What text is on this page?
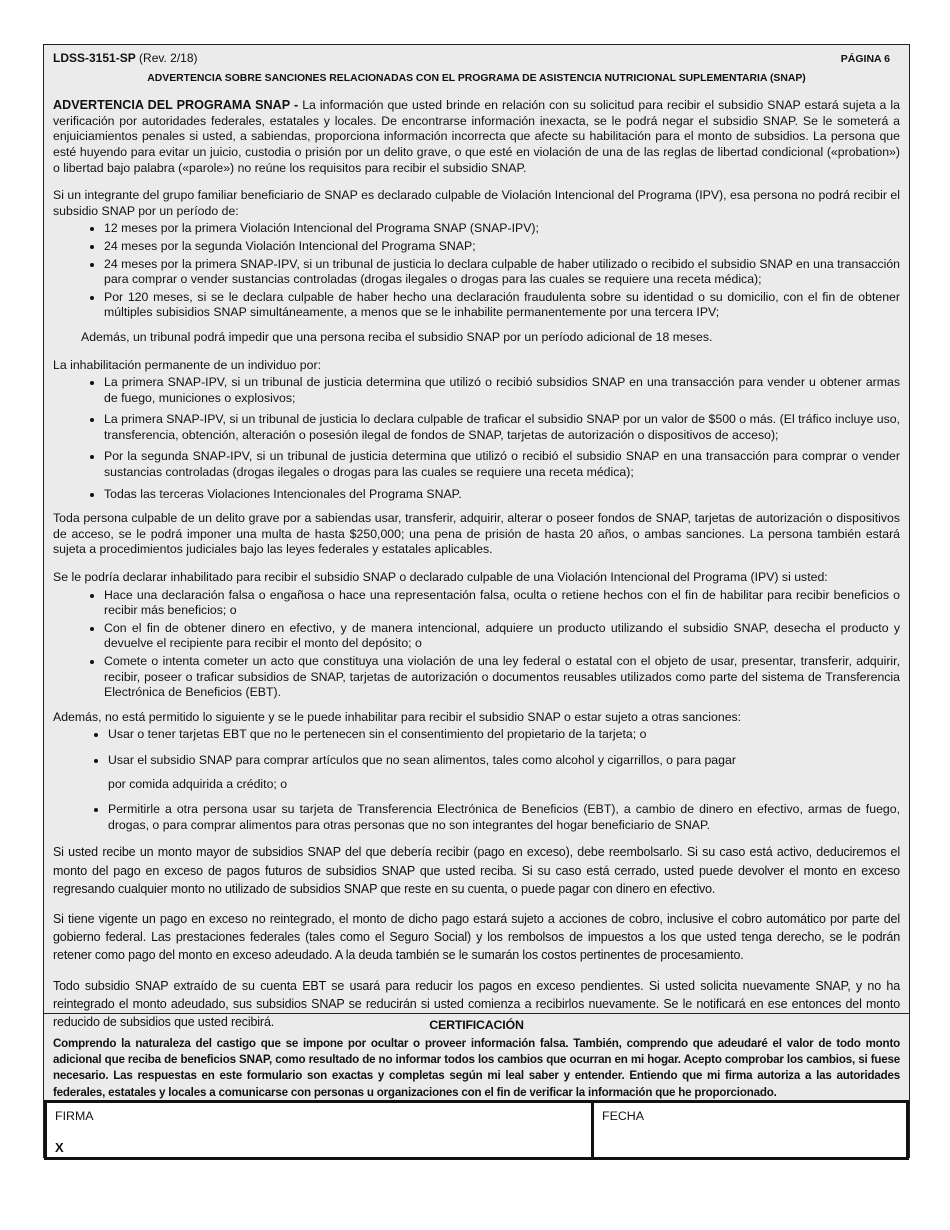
LDSS-3151-SP (Rev. 2/18)	PÁGINA 6
ADVERTENCIA SOBRE SANCIONES RELACIONADAS CON EL PROGRAMA DE ASISTENCIA NUTRICIONAL SUPLEMENTARIA (SNAP)

ADVERTENCIA DEL PROGRAMA SNAP - La información que usted brinde en relación con su solicitud para recibir el subsidio SNAP estará sujeta a la verificación por autoridades federales, estatales y locales. De encontrarse información inexacta, se le podrá negar el subsidio SNAP. Se le someterá a enjuiciamientos penales si usted, a sabiendas, proporciona información incorrecta que afecte su habilitación para el monto de subsidios. La persona que esté huyendo para evitar un juicio, custodia o prisión por un delito grave, o que esté en violación de una de las reglas de libertad condicional («probation») o libertad bajo palabra («parole») no reúne los requisitos para recibir el subsidio SNAP.

Si un integrante del grupo familiar beneficiario de SNAP es declarado culpable de Violación Intencional del Programa (IPV), esa persona no podrá recibir el subsidio SNAP por un período de:
• 12 meses por la primera Violación Intencional del Programa SNAP (SNAP-IPV);
• 24 meses por la segunda Violación Intencional del Programa SNAP;
• 24 meses por la primera SNAP-IPV, si un tribunal de justicia lo declara culpable de haber utilizado o recibido el subsidio SNAP en una transacción para comprar o vender sustancias controladas (drogas ilegales o drogas para las cuales se requiere una receta médica);
• Por 120 meses, si se le declara culpable de haber hecho una declaración fraudulenta sobre su identidad o su domicilio, con el fin de obtener múltiples subisidios SNAP simultáneamente, a menos que se le inhabilite permanentemente por una tercera IPV;

Además, un tribunal podrá impedir que una persona reciba el subsidio SNAP por un período adicional de 18 meses.

La inhabilitación permanente de un individuo por:
• La primera SNAP-IPV, si un tribunal de justicia determina que utilizó o recibió subsidios SNAP en una transacción para vender u obtener armas de fuego, municiones o explosivos;
• La primera SNAP-IPV, si un tribunal de justicia lo declara culpable de traficar el subsidio SNAP por un valor de $500 o más. (El tráfico incluye uso, transferencia, obtención, alteración o posesión ilegal de fondos de SNAP, tarjetas de autorización o dispositivos de acceso);
• Por la segunda SNAP-IPV, si un tribunal de justicia determina que utilizó o recibió el subsidio SNAP en una transacción para comprar o vender sustancias controladas (drogas ilegales o drogas para las cuales se requiere una receta médica);
• Todas las terceras Violaciones Intencionales del Programa SNAP.

Toda persona culpable de un delito grave por a sabiendas usar, transferir, adquirir, alterar o poseer fondos de SNAP, tarjetas de autorización o dispositivos de acceso, se le podrá imponer una multa de hasta $250,000; una pena de prisión de hasta 20 años, o ambas sanciones. La persona también estará sujeta a procedimientos judiciales bajo las leyes federales y estatales aplicables.

Se le podría declarar inhabilitado para recibir el subsidio SNAP o declarado culpable de una Violación Intencional del Programa (IPV) si usted:
• Hace una declaración falsa o engañosa o hace una representación falsa, oculta o retiene hechos con el fin de habilitar para recibir beneficios o recibir más beneficios; o
• Con el fin de obtener dinero en efectivo, y de manera intencional, adquiere un producto utilizando el subsidio SNAP, desecha el producto y devuelve el recipiente para recibir el monto del depósito; o
• Comete o intenta cometer un acto que constituya una violación de una ley federal o estatal con el objeto de usar, presentar, transferir, adquirir, recibir, poseer o traficar subsidios de SNAP, tarjetas de autorización o documentos reusables utilizados como parte del sistema de Transferencia Electrónica de Beneficios (EBT).
Además, no está permitido lo siguiente y se le puede inhabilitar para recibir el subsidio SNAP o estar sujeto a otras sanciones:
• Usar o tener tarjetas EBT que no le pertenecen sin el consentimiento del propietario de la tarjeta; o
• Usar el subsidio SNAP para comprar artículos que no sean alimentos, tales como alcohol y cigarrillos, o para pagar
por comida adquirida a crédito; o
• Permitirle a otra persona usar su tarjeta de Transferencia Electrónica de Beneficios (EBT), a cambio de dinero en efectivo, armas de fuego, drogas, o para comprar alimentos para otras personas que no son integrantes del hogar beneficiario de SNAP.

Si usted recibe un monto mayor de subsidios SNAP del que debería recibir (pago en exceso), debe reembolsarlo. Si su caso está activo, deduciremos el monto del pago en exceso de pagos futuros de subsidios SNAP que usted reciba. Si su caso está cerrado, usted puede devolver el monto en exceso regresando cualquier monto no utilizado de subsidios SNAP que reste en su cuenta, o puede pagar con dinero en efectivo.

Si tiene vigente un pago en exceso no reintegrado, el monto de dicho pago estará sujeto a acciones de cobro, inclusive el cobro automático por parte del gobierno federal. Las prestaciones federales (tales como el Seguro Social) y los rembolsos de impuestos a los que usted tenga derecho, se le podrán retener como pago del monto en exceso adeudado. A la deuda también se le sumarán los costos pertinentes de procesamiento.

Todo subsidio SNAP extraído de su cuenta EBT se usará para reducir los pagos en exceso pendientes. Si usted solicita nuevamente SNAP, y no ha reintegrado el monto adeudado, sus subsidios SNAP se reducirán si usted comienza a recibirlos nuevamente. Se le notificará en ese entonces del monto reducido de subsidios que usted recibirá.	CERTIFICACIÓN
Comprendo la naturaleza del castigo que se impone por ocultar o proveer información falsa. También, comprendo que adeudaré el valor de todo monto adicional que reciba de beneficios SNAP, como resultado de no informar todos los cambios que ocurran en mi hogar. Acepto comprobar los cambios, si fuese necesario. Las respuestas en este formulario son exactas y completas según mi leal saber y entender. Entiendo que mi firma autoriza a las autoridades federales, estatales y locales a comunicarse con personas u organizaciones con el fin de verificar la información que he proporcionado.
FIRMA
X
FECHA
